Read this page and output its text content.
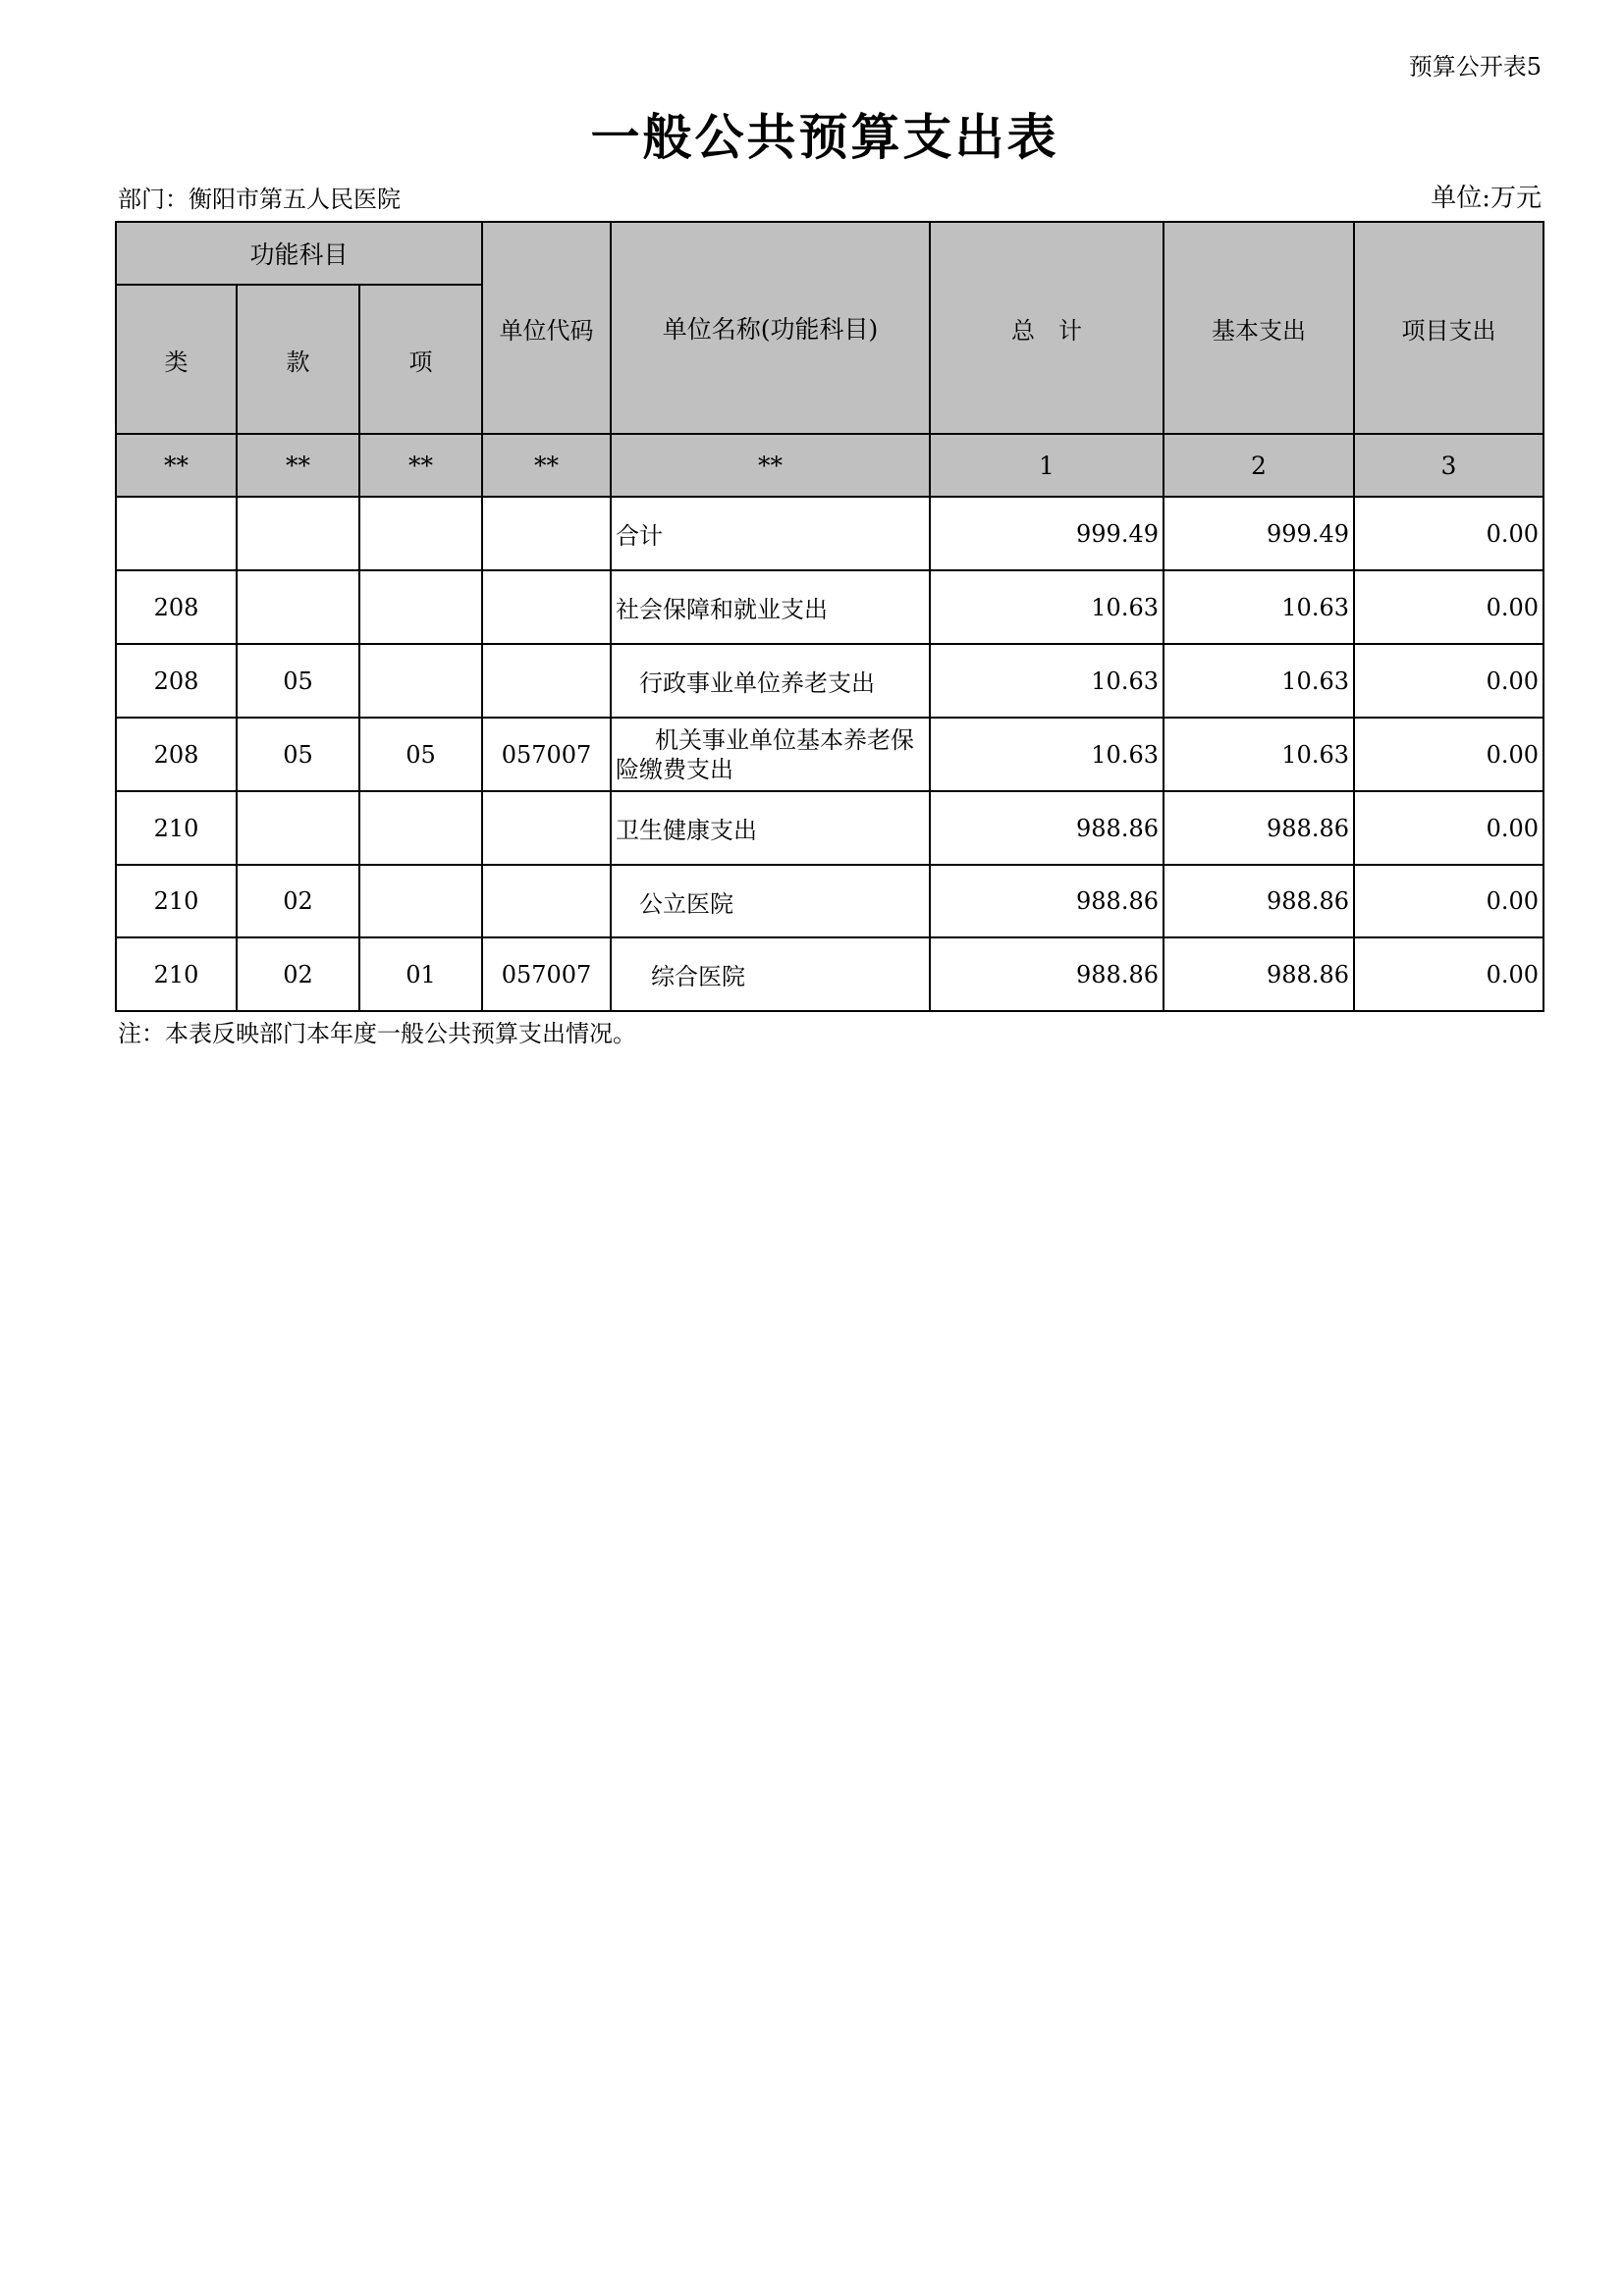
预算公开表5
一般公共预算支出表
部门：衡阳市第五人民医院	单位:万元
功能科目			单位代码	单位名称(功能科目)	总　计	基本支出	项目支出
类	款	项					
**	**	**	**	**	1	2	3
				合计	999.49	999.49	0.00
208				社会保障和就业支出	10.63	10.63	0.00
208	05			行政事业单位养老支出	10.63	10.63	0.00
208	05	05	057007	机关事业单位基本养老保险缴费支出	10.63	10.63	0.00
210				卫生健康支出	988.86	988.86	0.00
210	02			公立医院	988.86	988.86	0.00
210	02	01	057007	综合医院	988.86	988.86	0.00
注：本表反映部门本年度一般公共预算支出情况。
